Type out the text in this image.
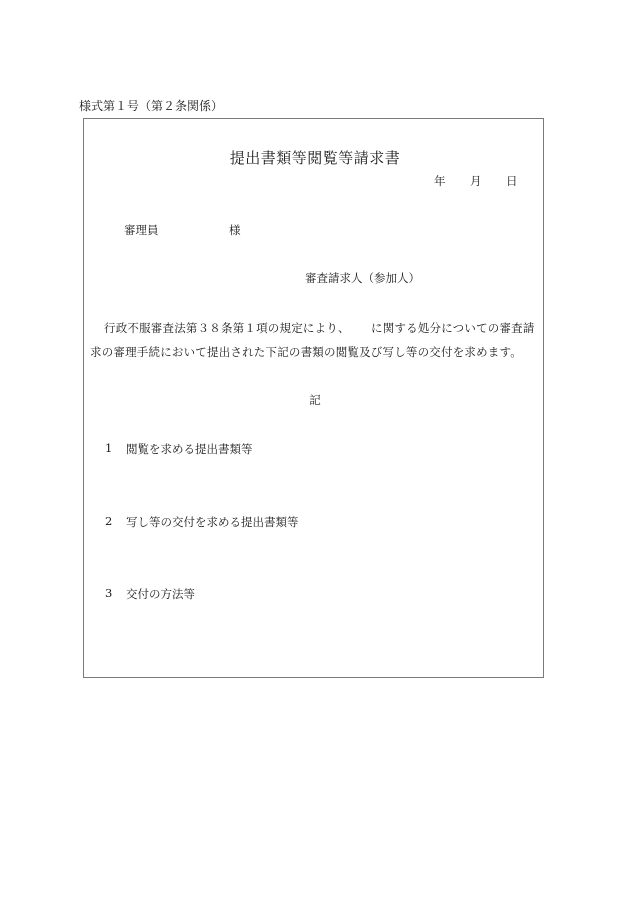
様式第１号（第２条関係）
提出書類等閲覧等請求書
年 月 日
審理員	様
審査請求人（参加人）
行政不服審査法第３８条第１項の規定により、 に関する処分についての審査請
求の審理手続において提出された下記の書類の閲覧及び写し等の交付を求めます。
記
1 閲覧を求める提出書類等
2 写し等の交付を求める提出書類等
3 交付の方法等
